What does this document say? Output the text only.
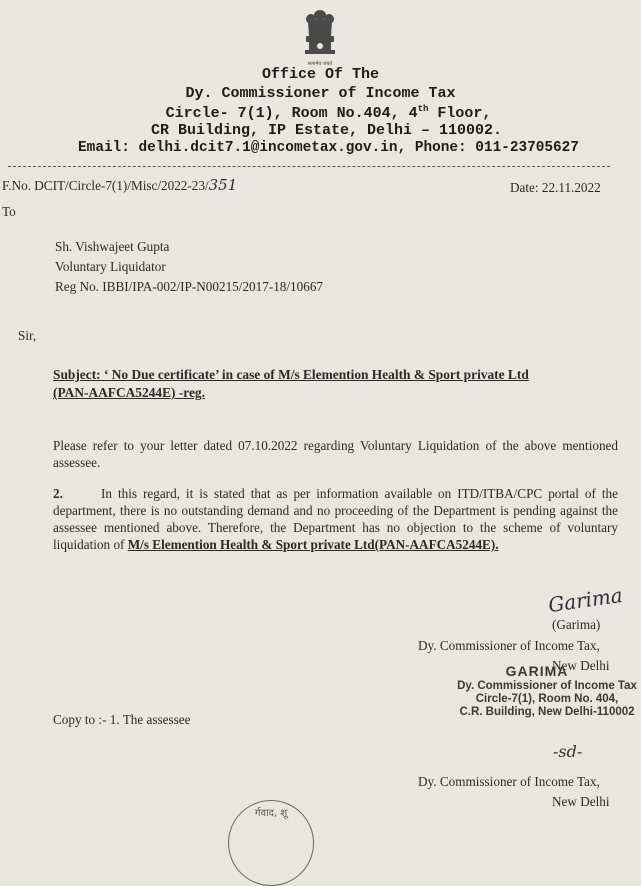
सत्यमेव जयते
Office Of The
Dy. Commissioner of Income Tax
Circle- 7(1), Room No.404, 4th Floor,
CR Building, IP Estate, Delhi – 110002.
Email: delhi.dcit7.1@incometax.gov.in, Phone: 011-23705627
F.No. DCIT/Circle-7(1)/Misc/2022-23/351	Date: 22.11.2022
To
Sh. Vishwajeet Gupta
Voluntary Liquidator
Reg No. IBBI/IPA-002/IP-N00215/2017-18/10667
Sir,
Subject: ‘ No Due certificate’ in case of M/s Elemention Health & Sport private Ltd
(PAN-AAFCA5244E) -reg.

Please refer to your letter dated 07.10.2022 regarding Voluntary Liquidation of the above mentioned assessee.

2.	In this regard, it is stated that as per information available on ITD/ITBA/CPC portal of the department, there is no outstanding demand and no proceeding of the Department is pending against the assessee mentioned above. Therefore, the Department has no objection to the scheme of voluntary liquidation of M/s Elemention Health & Sport private Ltd(PAN-AAFCA5244E).

Garima
(Garima)
Dy. Commissioner of Income Tax,
New Delhi
GARIMA
Dy. Commissioner of Income Tax
Circle-7(1), Room No. 404,
C.R. Building, New Delhi-110002
Copy to :- 1. The assessee
-sd-
Dy. Commissioner of Income Tax,
New Delhi
र्गवाद, शू
